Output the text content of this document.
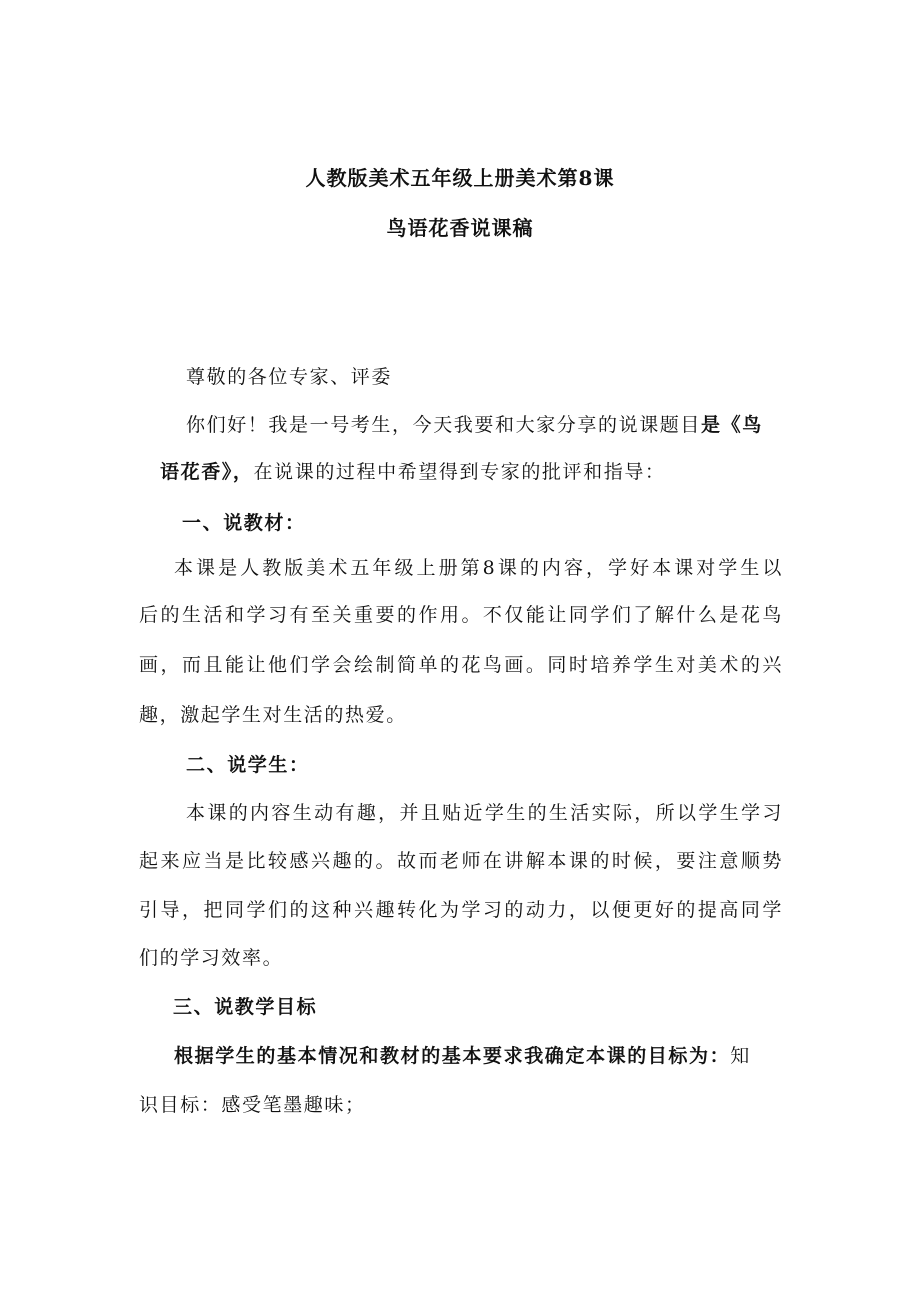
人教版美术五年级上册美术第8课
鸟语花香说课稿
尊敬的各位专家、评委
你们好！我是一号考生，今天我要和大家分享的说课题目是《鸟
语花香》，在说课的过程中希望得到专家的批评和指导：
一、说教材：
本课是人教版美术五年级上册第8课的内容，学好本课对学生以
后的生活和学习有至关重要的作用。不仅能让同学们了解什么是花鸟
画，而且能让他们学会绘制简单的花鸟画。同时培养学生对美术的兴
趣，激起学生对生活的热爱。
二、说学生：
本课的内容生动有趣，并且贴近学生的生活实际，所以学生学习
起来应当是比较感兴趣的。故而老师在讲解本课的时候，要注意顺势
引导，把同学们的这种兴趣转化为学习的动力，以便更好的提高同学
们的学习效率。
三、说教学目标
根据学生的基本情况和教材的基本要求我确定本课的目标为：知
识目标：感受笔墨趣味；
